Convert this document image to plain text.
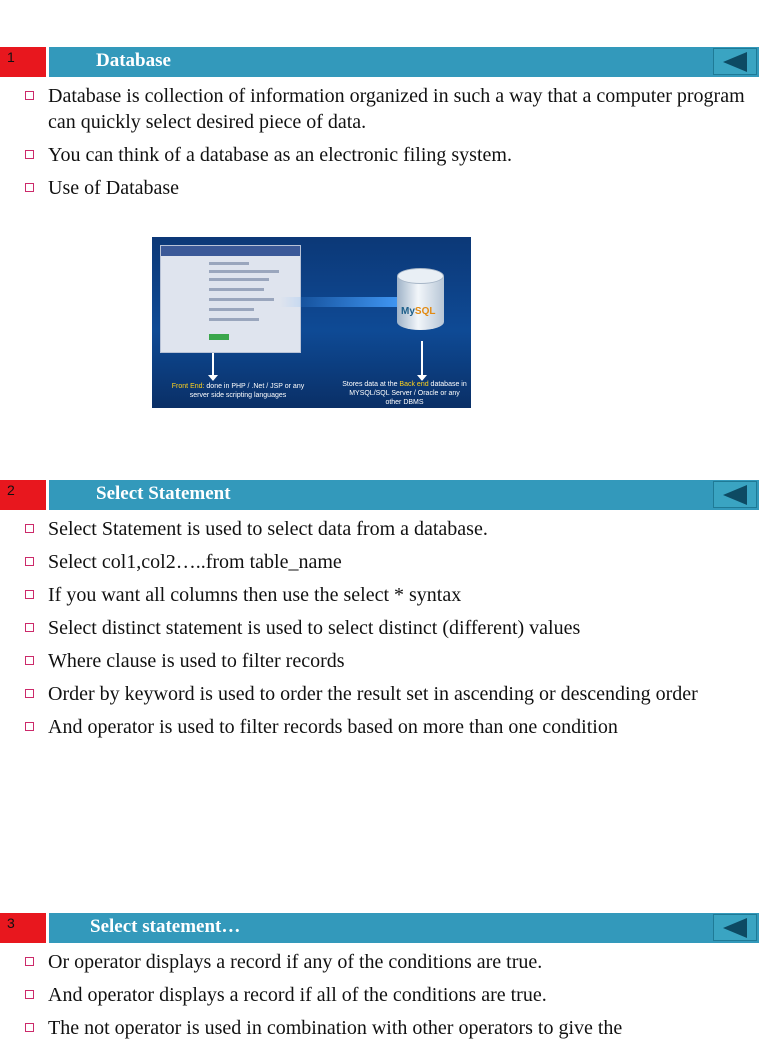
1	Database
Database is collection of information organized in such a way that a computer program can quickly select desired piece of data.
You can think of a database as an electronic filing system.
Use of Database
MySQL
Front End: done in PHP / .Net / JSP or any server side scripting languages
Stores data at the Back end database in MYSQL/SQL Server / Oracle or any other DBMS
2	Select Statement
Select Statement is used to select data from a database.
Select col1,col2…..from table_name
If you want all columns then use the select * syntax
Select distinct statement is used to select distinct (different) values
Where clause is used to filter records
Order by keyword is used to order the result set in ascending or descending order
And operator is used to filter records based on more than one condition
3	Select statement…
Or operator displays a record if any of the conditions are true.
And operator displays a record if all of the conditions are true.
The not operator is used in combination with other operators to give the
